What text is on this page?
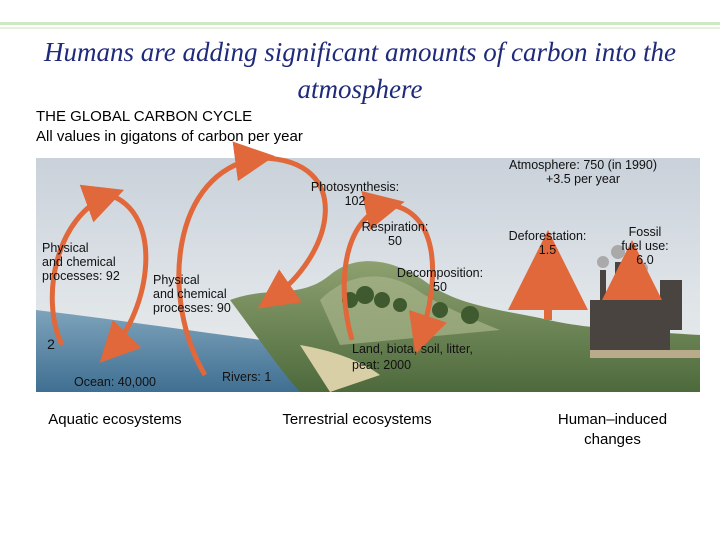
Humans are adding significant amounts of carbon into the atmosphere
THE GLOBAL CARBON CYCLE
All values in gigatons of carbon per year
Atmosphere: 750 (in 1990)
+3.5 per year
Photosynthesis:
102
Respiration:
50	Deforestation:
1.5
Fossil
fuel use:
6.0
Physical
and chemical
processes: 92	Physical
and chemical
processes: 90
Decomposition:
50
2
Ocean: 40,000	Rivers: 1
Land, biota, soil, litter,
peat: 2000
Aquatic ecosystems	Terrestrial ecosystems	Human–induced
changes
